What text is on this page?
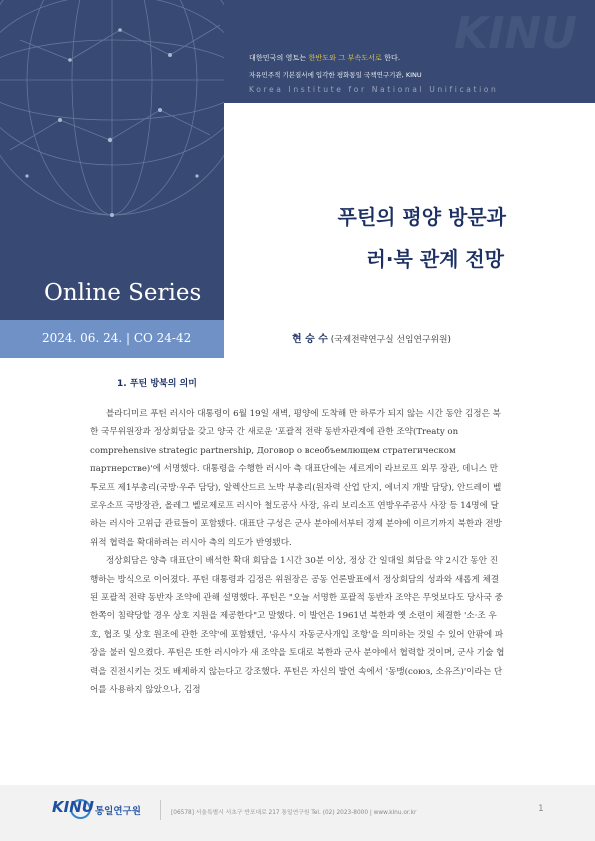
KINU
대한민국의 영토는 한반도와 그 부속도서로 한다.
자유민주적 기본질서에 입각한 평화통일 국책연구기관, KINU
Korea Institute for National Unification
Online Series
2024. 06. 24. | CO 24-42
푸틴의 평양 방문과
러·북 관계 전망
현 승 수 (국제전략연구실 선임연구위원)
1. 푸틴 방북의 의미

블라디미르 푸틴 러시아 대통령이 6월 19일 새벽, 평양에 도착해 만 하루가 되지 않는 시간 동안 김정은 북한 국무위원장과 정상회담을 갖고 양국 간 새로운 '포괄적 전략 동반자관계에 관한 조약(Treaty on comprehensive strategic partnership, Договор о всеобъемлющем стратегическом партнерстве)'에 서명했다. 대통령을 수행한 러시아 측 대표단에는 세르게이 라브로프 외무 장관, 데니스 만투로프 제1부총리(국방·우주 담당), 알렉산드르 노박 부총리(원자력 산업 단지, 에너지 개발 담당), 안드레이 벨로우소프 국방장관, 올레그 벨로제로프 러시아 철도공사 사장, 유리 보리소프 연방우주공사 사장 등 14명에 달하는 러시아 고위급 관료들이 포함됐다. 대표단 구성은 군사 분야에서부터 경제 분야에 이르기까지 북한과 전방위적 협력을 확대하려는 러시아 측의 의도가 반영됐다.

정상회담은 양측 대표단이 배석한 확대 회담을 1시간 30분 이상, 정상 간 일대일 회담을 약 2시간 동안 진행하는 방식으로 이어졌다. 푸틴 대통령과 김정은 위원장은 공동 언론발표에서 정상회담의 성과와 새롭게 체결된 포괄적 전략 동반자 조약에 관해 설명했다. 푸틴은 "오늘 서명한 포괄적 동반자 조약은 무엇보다도 당사국 중 한쪽이 침략당할 경우 상호 지원을 제공한다"고 말했다. 이 발언은 1961년 북한과 옛 소련이 체결한 '소·조 우호, 협조 및 상호 원조에 관한 조약'에 포함됐던, '유사시 자동군사개입 조항'을 의미하는 것일 수 있어 안팎에 파장을 불러 일으켰다. 푸틴은 또한 러시아가 새 조약을 토대로 북한과 군사 분야에서 협력할 것이며, 군사 기술 협력을 진전시키는 것도 배제하지 않는다고 강조했다. 푸틴은 자신의 발언 속에서 '동맹(союз, 소유즈)'이라는 단어를 사용하지 않았으나, 김정

KINU 통일연구원	[06578] 서울특별시 서초구 반포대로 217 통일연구원 Tel. (02) 2023-8000 | www.kinu.or.kr	1
